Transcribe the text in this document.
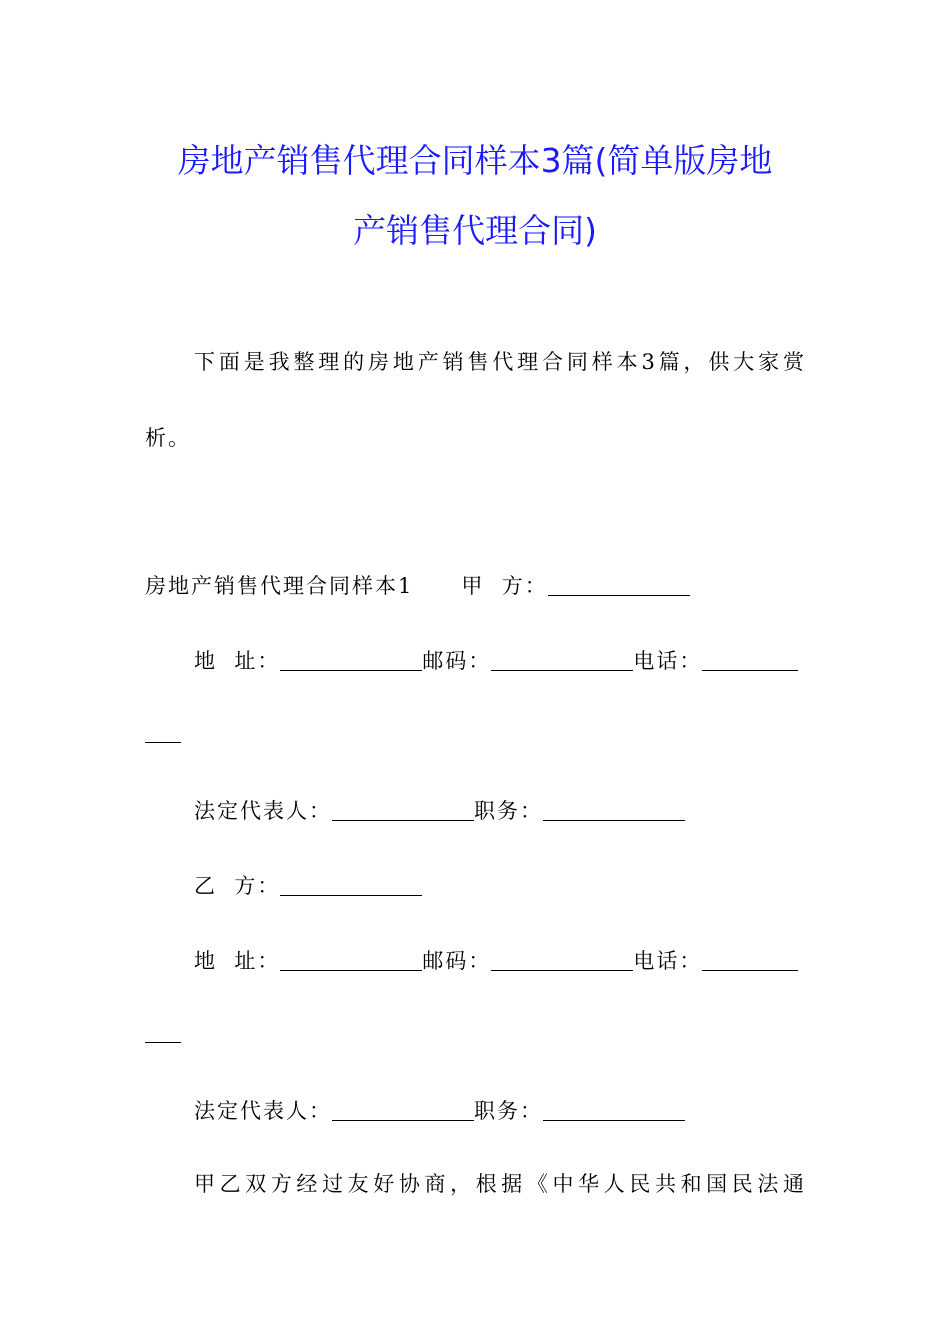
房地产销售代理合同样本3篇(简单版房地
产销售代理合同)
下面是我整理的房地产销售代理合同样本3篇，供大家赏
析。
房地产销售代理合同样本1 甲  方：
地  址：	邮码：	电话：
法定代表人：	职务：
乙  方：
地  址：	邮码：	电话：
法定代表人：	职务：
甲乙双方经过友好协商，根据《中华人民共和国民法通
